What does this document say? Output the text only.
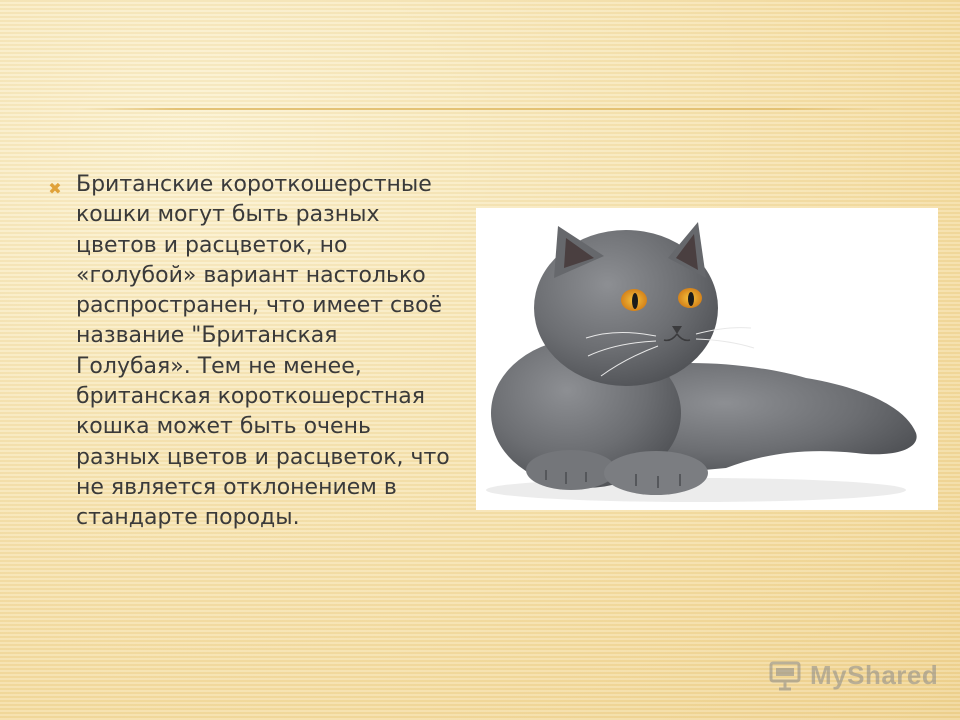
✖ Британские короткошерстные кошки могут быть разных цветов и расцветок, но «голубой» вариант настолько распространен, что имеет своё название "Британская Голубая». Тем не менее, британская короткошерстная кошка может быть очень разных цветов и расцветок, что не является отклонением в стандарте породы.

MyShared
